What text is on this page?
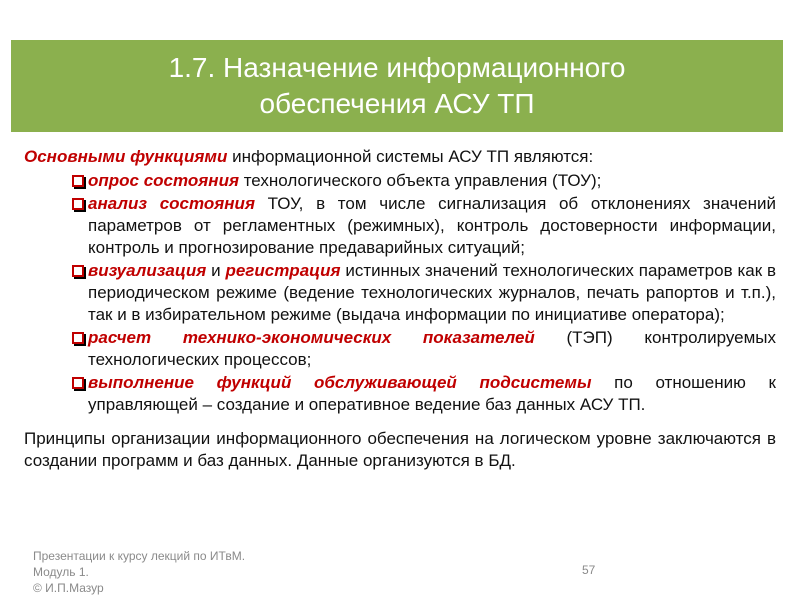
1.7. Назначение информационного
обеспечения АСУ ТП
Основными функциями информационной системы АСУ ТП являются:
опрос состояния технологического объекта управления (ТОУ);
анализ состояния ТОУ, в том числе сигнализация об отклонениях значений параметров от регламентных (режимных), контроль достоверности информации, контроль и прогнозирование предаварийных ситуаций;
визуализация и регистрация истинных значений технологических параметров как в периодическом режиме (ведение технологических журналов, печать рапортов и т.п.), так и в избирательном режиме (выдача информации по инициативе оператора);
расчет технико-экономических показателей (ТЭП) контролируемых технологических процессов;
выполнение функций обслуживающей подсистемы по отношению к управляющей – создание и оперативное ведение баз данных АСУ ТП.
Принципы организации информационного обеспечения на логическом уровне заключаются в создании программ и баз данных. Данные организуются в БД.
Презентации к курсу лекций по ИТвМ.
Модуль 1.
© И.П.Мазур
57
